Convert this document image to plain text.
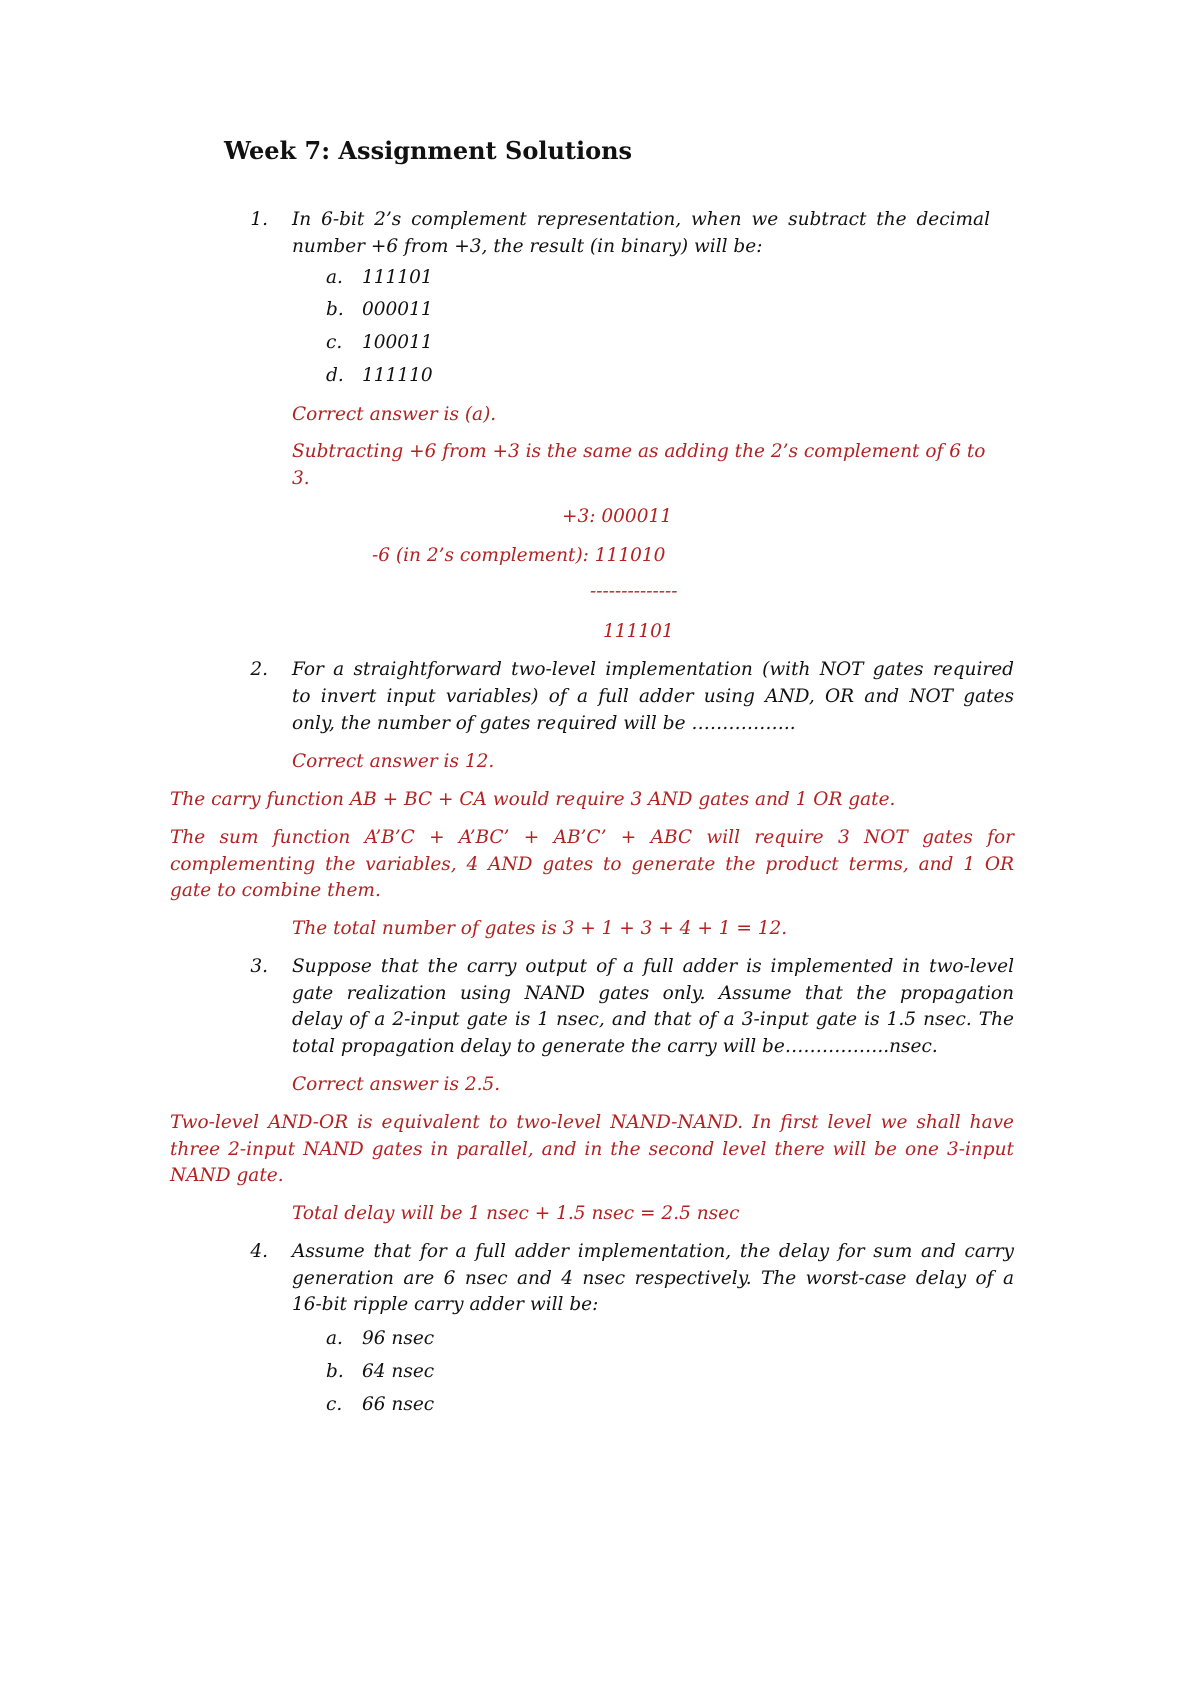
Week 7: Assignment Solutions
1. In 6-bit 2’s complement representation, when we subtract the decimal
number +6 from +3, the result (in binary) will be:
a. 111101
b. 000011
c. 100011
d. 111110
Correct answer is (a).
Subtracting +6 from +3 is the same as adding the 2’s complement of 6 to
3.
+3: 000011
-6 (in 2’s complement): 111010
--------------
111101
2. For a straightforward two-level implementation (with NOT gates required
to invert input variables) of a full adder using AND, OR and NOT gates
only, the number of gates required will be ……………..
Correct answer is 12.
The carry function AB + BC + CA would require 3 AND gates and 1 OR gate.
The sum function A’B’C + A’BC’ + AB’C’ + ABC will require 3 NOT gates for
complementing the variables, 4 AND gates to generate the product terms, and 1 OR
gate to combine them.
The total number of gates is 3 + 1 + 3 + 4 + 1 = 12.
3. Suppose that the carry output of a full adder is implemented in two-level
gate realization using NAND gates only. Assume that the propagation
delay of a 2-input gate is 1 nsec, and that of a 3-input gate is 1.5 nsec. The
total propagation delay to generate the carry will be……………..nsec.
Correct answer is 2.5.
Two-level AND-OR is equivalent to two-level NAND-NAND. In first level we shall have
three 2-input NAND gates in parallel, and in the second level there will be one 3-input
NAND gate.
Total delay will be 1 nsec + 1.5 nsec = 2.5 nsec
4. Assume that for a full adder implementation, the delay for sum and carry
generation are 6 nsec and 4 nsec respectively. The worst-case delay of a
16-bit ripple carry adder will be:
a. 96 nsec
b. 64 nsec
c. 66 nsec
